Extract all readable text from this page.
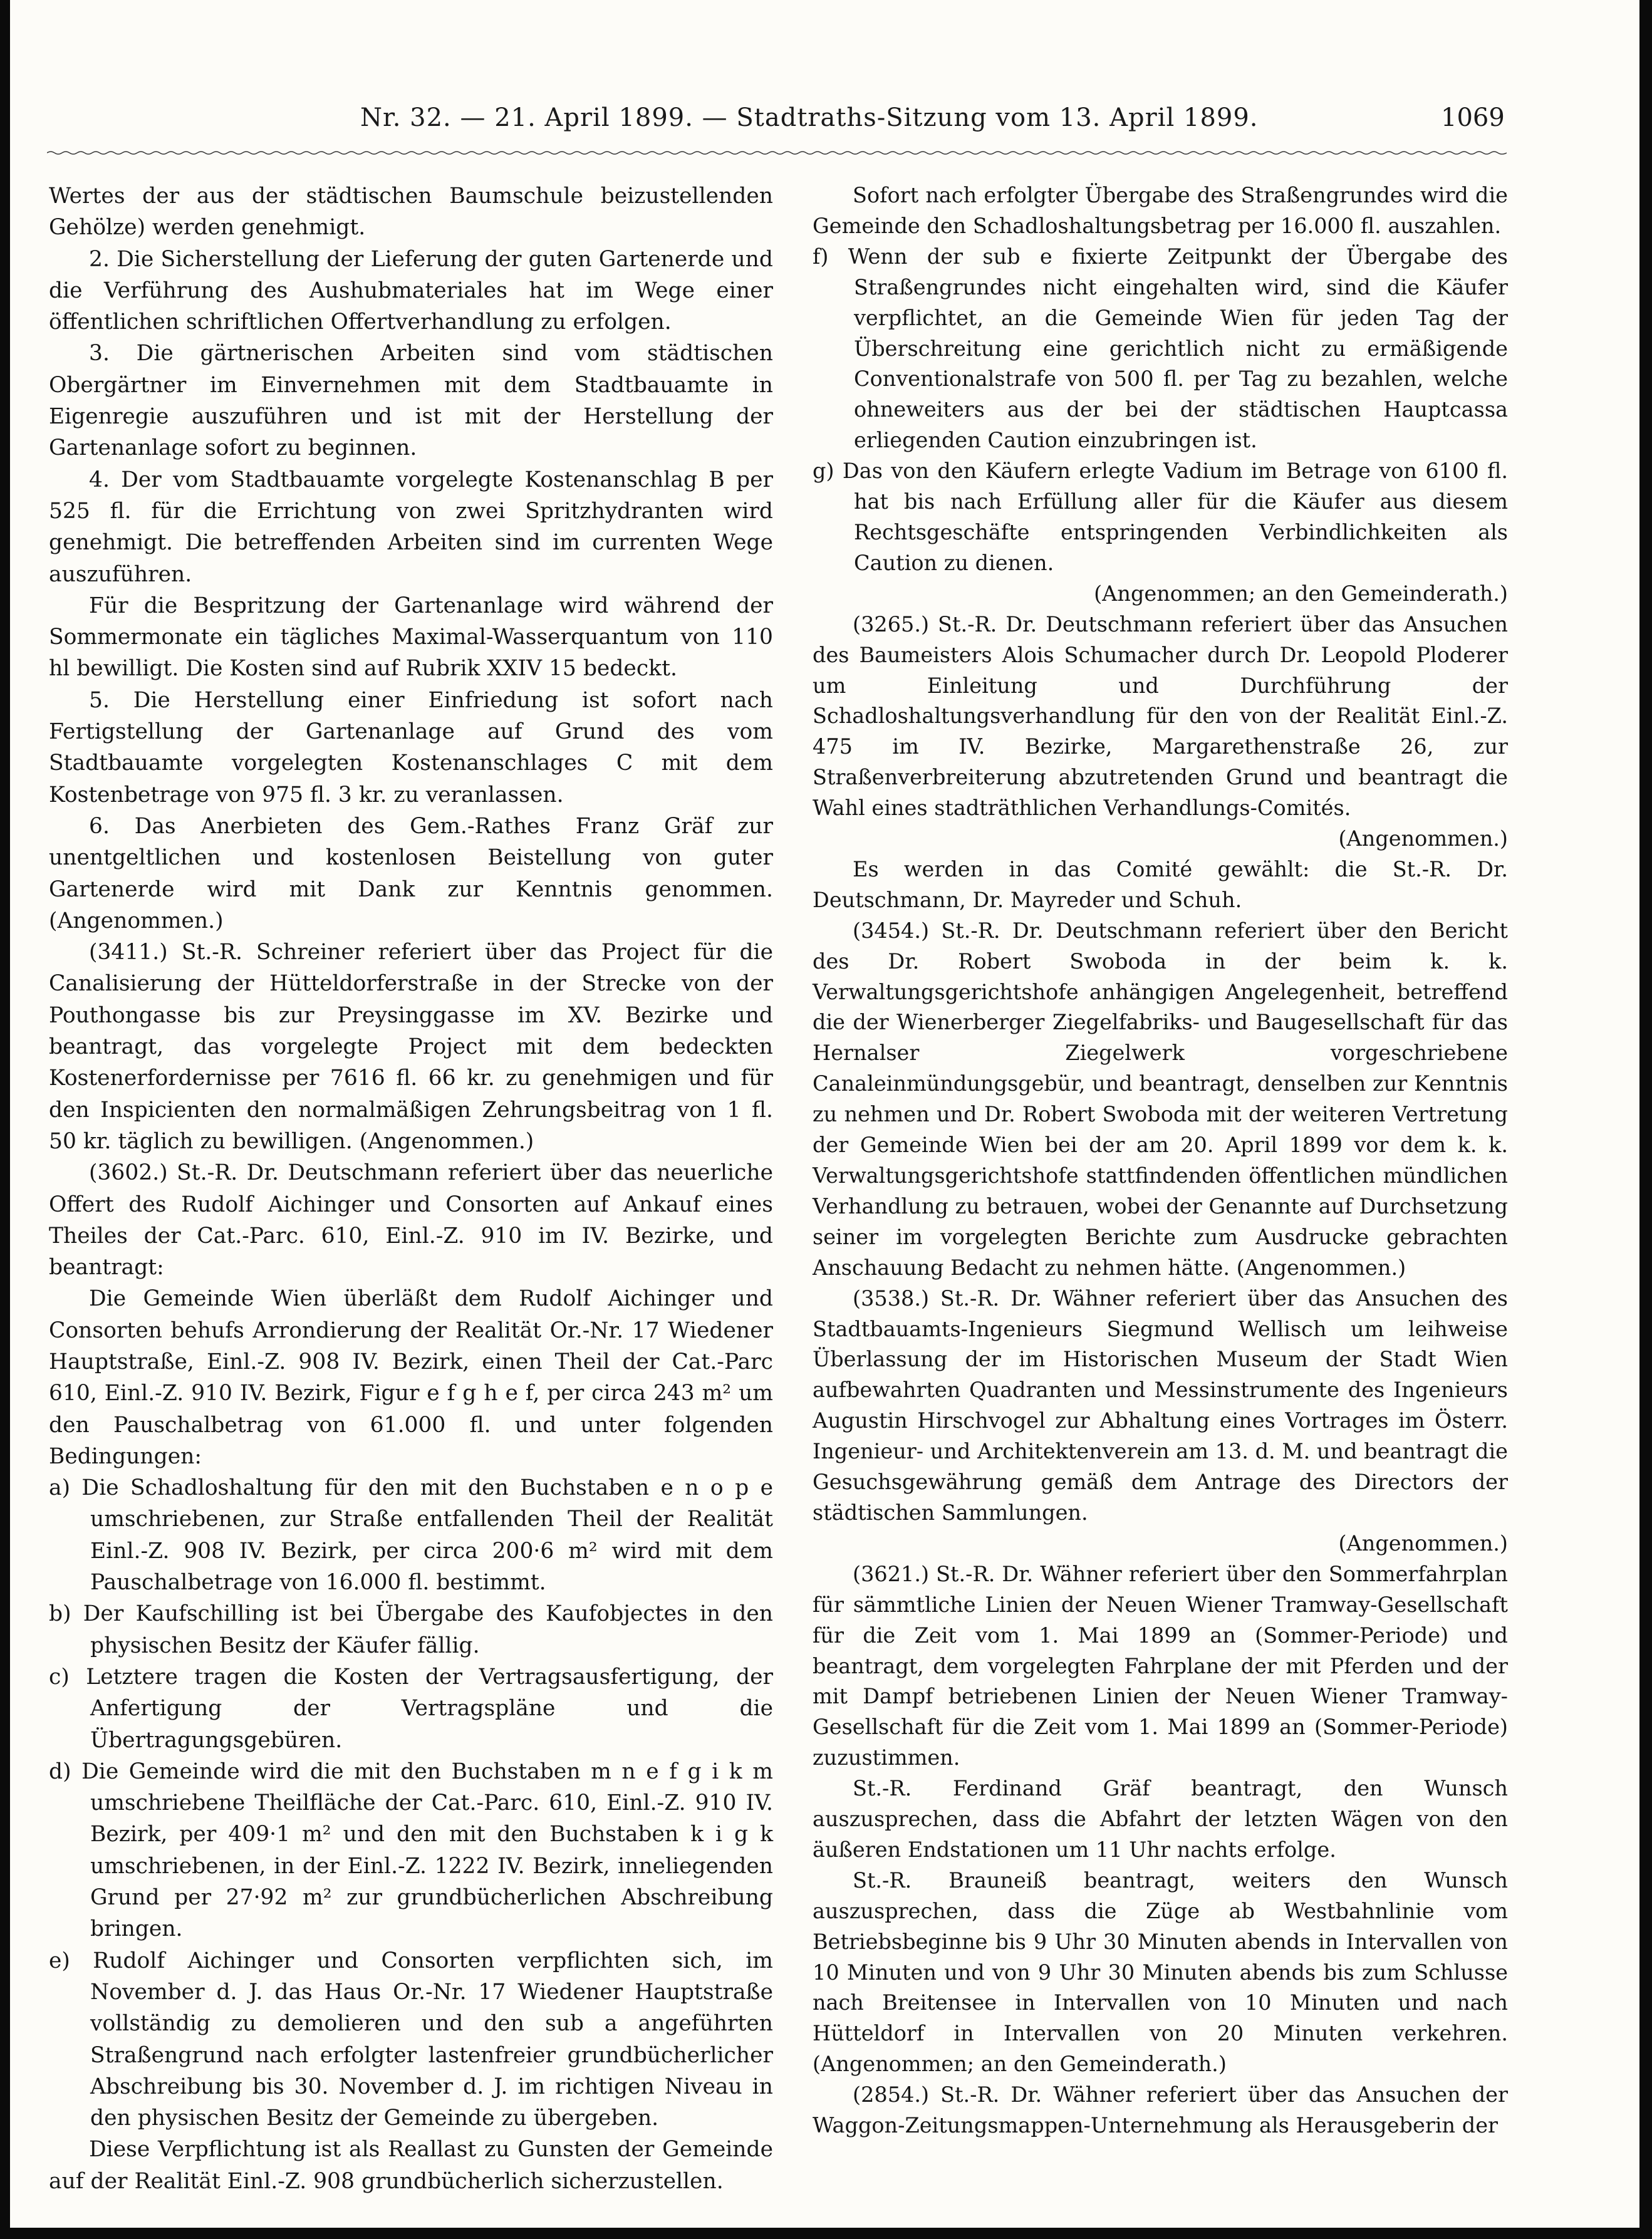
Nr. 32. — 21. April 1899. — Stadtraths-Sitzung vom 13. April 1899.	1069

Wertes der aus der städtischen Baumschule beizustellenden Gehölze) werden genehmigt.

2. Die Sicherstellung der Lieferung der guten Gartenerde und die Verführung des Aushubmateriales hat im Wege einer öffentlichen schriftlichen Offertverhandlung zu erfolgen.

3. Die gärtnerischen Arbeiten sind vom städtischen Obergärtner im Einvernehmen mit dem Stadtbauamte in Eigenregie auszuführen und ist mit der Herstellung der Gartenanlage sofort zu beginnen.

4. Der vom Stadtbauamte vorgelegte Kostenanschlag B per 525 fl. für die Errichtung von zwei Spritzhydranten wird genehmigt. Die betreffenden Arbeiten sind im currenten Wege auszuführen.

Für die Bespritzung der Gartenanlage wird während der Sommermonate ein tägliches Maximal-Wasserquantum von 110 hl bewilligt. Die Kosten sind auf Rubrik XXIV 15 bedeckt.

5. Die Herstellung einer Einfriedung ist sofort nach Fertigstellung der Gartenanlage auf Grund des vom Stadtbauamte vorgelegten Kostenanschlages C mit dem Kostenbetrage von 975 fl. 3 kr. zu veranlassen.

6. Das Anerbieten des Gem.-Rathes Franz Gräf zur unentgeltlichen und kostenlosen Beistellung von guter Gartenerde wird mit Dank zur Kenntnis genommen. (Angenommen.)

(3411.) St.-R. Schreiner referiert über das Project für die Canalisierung der Hütteldorferstraße in der Strecke von der Pouthongasse bis zur Preysinggasse im XV. Bezirke und beantragt, das vorgelegte Project mit dem bedeckten Kostenerfordernisse per 7616 fl. 66 kr. zu genehmigen und für den Inspicienten den normalmäßigen Zehrungsbeitrag von 1 fl. 50 kr. täglich zu bewilligen. (Angenommen.)

(3602.) St.-R. Dr. Deutschmann referiert über das neuerliche Offert des Rudolf Aichinger und Consorten auf Ankauf eines Theiles der Cat.-Parc. 610, Einl.-Z. 910 im IV. Bezirke, und beantragt:

Die Gemeinde Wien überläßt dem Rudolf Aichinger und Consorten behufs Arrondierung der Realität Or.-Nr. 17 Wiedener Hauptstraße, Einl.-Z. 908 IV. Bezirk, einen Theil der Cat.-Parc 610, Einl.-Z. 910 IV. Bezirk, Figur e f g h e f, per circa 243 m² um den Pauschalbetrag von 61.000 fl. und unter folgenden Bedingungen:

a) Die Schadloshaltung für den mit den Buchstaben e n o p e umschriebenen, zur Straße entfallenden Theil der Realität Einl.-Z. 908 IV. Bezirk, per circa 200·6 m² wird mit dem Pauschalbetrage von 16.000 fl. bestimmt.

b) Der Kaufschilling ist bei Übergabe des Kaufobjectes in den physischen Besitz der Käufer fällig.

c) Letztere tragen die Kosten der Vertragsausfertigung, der Anfertigung der Vertragspläne und die Übertragungsgebüren.

d) Die Gemeinde wird die mit den Buchstaben m n e f g i k m umschriebene Theilfläche der Cat.-Parc. 610, Einl.-Z. 910 IV. Bezirk, per 409·1 m² und den mit den Buchstaben k i g k umschriebenen, in der Einl.-Z. 1222 IV. Bezirk, inneliegenden Grund per 27·92 m² zur grundbücherlichen Abschreibung bringen.

e) Rudolf Aichinger und Consorten verpflichten sich, im November d. J. das Haus Or.-Nr. 17 Wiedener Hauptstraße vollständig zu demolieren und den sub a angeführten Straßengrund nach erfolgter lastenfreier grundbücherlicher Abschreibung bis 30. November d. J. im richtigen Niveau in den physischen Besitz der Gemeinde zu übergeben.

Diese Verpflichtung ist als Reallast zu Gunsten der Gemeinde auf der Realität Einl.-Z. 908 grundbücherlich sicherzustellen.

Sofort nach erfolgter Übergabe des Straßengrundes wird die Gemeinde den Schadloshaltungsbetrag per 16.000 fl. auszahlen.

f) Wenn der sub e fixierte Zeitpunkt der Übergabe des Straßengrundes nicht eingehalten wird, sind die Käufer verpflichtet, an die Gemeinde Wien für jeden Tag der Überschreitung eine gerichtlich nicht zu ermäßigende Conventionalstrafe von 500 fl. per Tag zu bezahlen, welche ohneweiters aus der bei der städtischen Hauptcassa erliegenden Caution einzubringen ist.

g) Das von den Käufern erlegte Vadium im Betrage von 6100 fl. hat bis nach Erfüllung aller für die Käufer aus diesem Rechtsgeschäfte entspringenden Verbindlichkeiten als Caution zu dienen.

(Angenommen; an den Gemeinderath.)

(3265.) St.-R. Dr. Deutschmann referiert über das Ansuchen des Baumeisters Alois Schumacher durch Dr. Leopold Ploderer um Einleitung und Durchführung der Schadloshaltungsverhandlung für den von der Realität Einl.-Z. 475 im IV. Bezirke, Margarethenstraße 26, zur Straßenverbreiterung abzutretenden Grund und beantragt die Wahl eines stadträthlichen Verhandlungs-Comités.

(Angenommen.)

Es werden in das Comité gewählt: die St.-R. Dr. Deutschmann, Dr. Mayreder und Schuh.

(3454.) St.-R. Dr. Deutschmann referiert über den Bericht des Dr. Robert Swoboda in der beim k. k. Verwaltungsgerichtshofe anhängigen Angelegenheit, betreffend die der Wienerberger Ziegelfabriks- und Baugesellschaft für das Hernalser Ziegelwerk vorgeschriebene Canaleinmündungsgebür, und beantragt, denselben zur Kenntnis zu nehmen und Dr. Robert Swoboda mit der weiteren Vertretung der Gemeinde Wien bei der am 20. April 1899 vor dem k. k. Verwaltungsgerichtshofe stattfindenden öffentlichen mündlichen Verhandlung zu betrauen, wobei der Genannte auf Durchsetzung seiner im vorgelegten Berichte zum Ausdrucke gebrachten Anschauung Bedacht zu nehmen hätte. (Angenommen.)

(3538.) St.-R. Dr. Wähner referiert über das Ansuchen des Stadtbauamts-Ingenieurs Siegmund Wellisch um leihweise Überlassung der im Historischen Museum der Stadt Wien aufbewahrten Quadranten und Messinstrumente des Ingenieurs Augustin Hirschvogel zur Abhaltung eines Vortrages im Österr. Ingenieur- und Architektenverein am 13. d. M. und beantragt die Gesuchsgewährung gemäß dem Antrage des Directors der städtischen Sammlungen.

(Angenommen.)

(3621.) St.-R. Dr. Wähner referiert über den Sommerfahrplan für sämmtliche Linien der Neuen Wiener Tramway-Gesellschaft für die Zeit vom 1. Mai 1899 an (Sommer-Periode) und beantragt, dem vorgelegten Fahrplane der mit Pferden und der mit Dampf betriebenen Linien der Neuen Wiener Tramway-Gesellschaft für die Zeit vom 1. Mai 1899 an (Sommer-Periode) zuzustimmen.

St.-R. Ferdinand Gräf beantragt, den Wunsch auszusprechen, dass die Abfahrt der letzten Wägen von den äußeren Endstationen um 11 Uhr nachts erfolge.

St.-R. Brauneiß beantragt, weiters den Wunsch auszusprechen, dass die Züge ab Westbahnlinie vom Betriebsbeginne bis 9 Uhr 30 Minuten abends in Intervallen von 10 Minuten und von 9 Uhr 30 Minuten abends bis zum Schlusse nach Breitensee in Intervallen von 10 Minuten und nach Hütteldorf in Intervallen von 20 Minuten verkehren. (Angenommen; an den Gemeinderath.)

(2854.) St.-R. Dr. Wähner referiert über das Ansuchen der Waggon-Zeitungsmappen-Unternehmung als Herausgeberin der
